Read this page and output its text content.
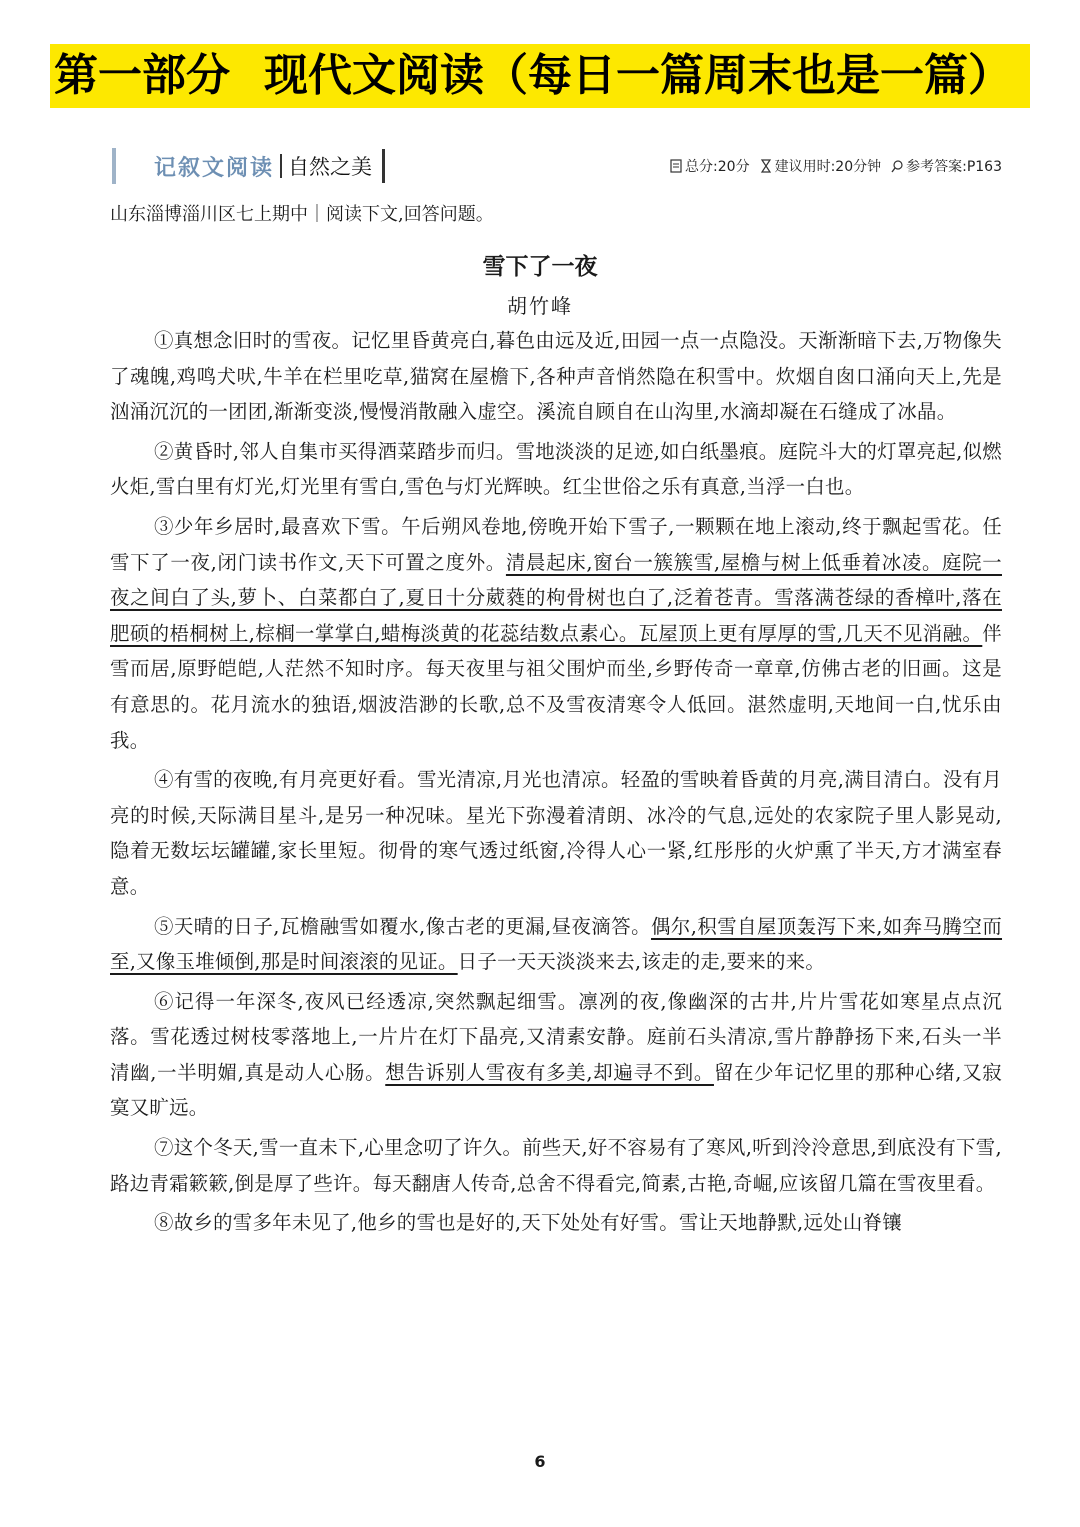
第一部分 现代文阅读（每日一篇周末也是一篇）
记叙文阅读 自然之美	总分:20分 建议用时:20分钟 参考答案:P163
山东淄博淄川区七上期中｜阅读下文,回答问题。
雪下了一夜
胡竹峰

①真想念旧时的雪夜。记忆里昏黄亮白,暮色由远及近,田园一点一点隐没。天渐渐暗下去,万物像失了魂魄,鸡鸣犬吠,牛羊在栏里吃草,猫窝在屋檐下,各种声音悄然隐在积雪中。炊烟自囱口涌向天上,先是汹涌沉沉的一团团,渐渐变淡,慢慢消散融入虚空。溪流自顾自在山沟里,水滴却凝在石缝成了冰晶。

②黄昏时,邻人自集市买得酒菜踏步而归。雪地淡淡的足迹,如白纸墨痕。庭院斗大的灯罩亮起,似燃火炬,雪白里有灯光,灯光里有雪白,雪色与灯光辉映。红尘世俗之乐有真意,当浮一白也。

③少年乡居时,最喜欢下雪。午后朔风卷地,傍晚开始下雪子,一颗颗在地上滚动,终于飘起雪花。任雪下了一夜,闭门读书作文,天下可置之度外。清晨起床,窗台一簇簇雪,屋檐与树上低垂着冰凌。庭院一夜之间白了头,萝卜、白菜都白了,夏日十分葳蕤的枸骨树也白了,泛着苍青。雪落满苍绿的香樟叶,落在肥硕的梧桐树上,棕榈一掌掌白,蜡梅淡黄的花蕊结数点素心。瓦屋顶上更有厚厚的雪,几天不见消融。伴雪而居,原野皑皑,人茫然不知时序。每天夜里与祖父围炉而坐,乡野传奇一章章,仿佛古老的旧画。这是有意思的。花月流水的独语,烟波浩渺的长歌,总不及雪夜清寒令人低回。湛然虚明,天地间一白,忧乐由我。

④有雪的夜晚,有月亮更好看。雪光清凉,月光也清凉。轻盈的雪映着昏黄的月亮,满目清白。没有月亮的时候,天际满目星斗,是另一种况味。星光下弥漫着清朗、冰冷的气息,远处的农家院子里人影晃动,隐着无数坛坛罐罐,家长里短。彻骨的寒气透过纸窗,冷得人心一紧,红彤彤的火炉熏了半天,方才满室春意。

⑤天晴的日子,瓦檐融雪如覆水,像古老的更漏,昼夜滴答。偶尔,积雪自屋顶轰泻下来,如奔马腾空而至,又像玉堆倾倒,那是时间滚滚的见证。日子一天天淡淡来去,该走的走,要来的来。

⑥记得一年深冬,夜风已经透凉,突然飘起细雪。凛冽的夜,像幽深的古井,片片雪花如寒星点点沉落。雪花透过树枝零落地上,一片片在灯下晶亮,又清素安静。庭前石头清凉,雪片静静扬下来,石头一半清幽,一半明媚,真是动人心肠。想告诉别人雪夜有多美,却遍寻不到。留在少年记忆里的那种心绪,又寂寞又旷远。

⑦这个冬天,雪一直未下,心里念叨了许久。前些天,好不容易有了寒风,听到泠泠意思,到底没有下雪,路边青霜簌簌,倒是厚了些许。每天翻唐人传奇,总舍不得看完,简素,古艳,奇崛,应该留几篇在雪夜里看。

⑧故乡的雪多年未见了,他乡的雪也是好的,天下处处有好雪。雪让天地静默,远处山脊镶

6
